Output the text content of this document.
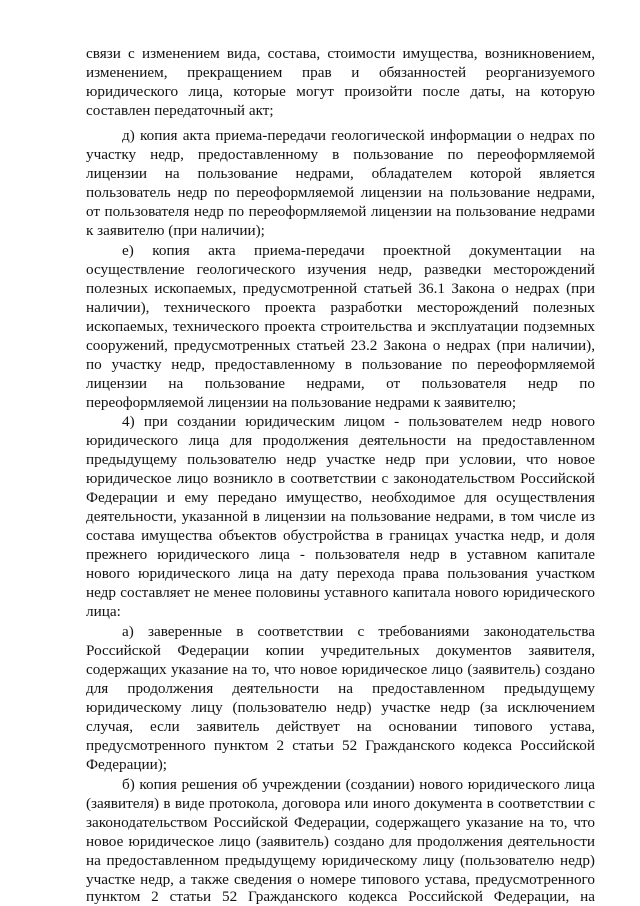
связи с изменением вида, состава, стоимости имущества, возникновением,
изменением, прекращением прав и обязанностей реорганизуемого
юридического лица, которые могут произойти после даты, на которую
составлен передаточный акт;
д) копия акта приема-передачи геологической информации о недрах по
участку недр, предоставленному в пользование по переоформляемой
лицензии на пользование недрами, обладателем которой является
пользователь недр по переоформляемой лицензии на пользование недрами,
от пользователя недр по переоформляемой лицензии на пользование недрами
к заявителю (при наличии);
е) копия акта приема-передачи проектной документации на
осуществление геологического изучения недр, разведки месторождений
полезных ископаемых, предусмотренной статьей 36.1 Закона о недрах (при
наличии), технического проекта разработки месторождений полезных
ископаемых, технического проекта строительства и эксплуатации подземных
сооружений, предусмотренных статьей 23.2 Закона о недрах (при наличии),
по участку недр, предоставленному в пользование по переоформляемой
лицензии на пользование недрами, от пользователя недр по
переоформляемой лицензии на пользование недрами к заявителю;
4) при создании юридическим лицом - пользователем недр нового
юридического лица для продолжения деятельности на предоставленном
предыдущему пользователю недр участке недр при условии, что новое
юридическое лицо возникло в соответствии с законодательством Российской
Федерации и ему передано имущество, необходимое для осуществления
деятельности, указанной в лицензии на пользование недрами, в том числе из
состава имущества объектов обустройства в границах участка недр, и доля
прежнего юридического лица - пользователя недр в уставном капитале
нового юридического лица на дату перехода права пользования участком
недр составляет не менее половины уставного капитала нового юридического
лица:
а) заверенные в соответствии с требованиями законодательства
Российской Федерации копии учредительных документов заявителя,
содержащих указание на то, что новое юридическое лицо (заявитель) создано
для продолжения деятельности на предоставленном предыдущему
юридическому лицу (пользователю недр) участке недр (за исключением
случая, если заявитель действует на основании типового устава,
предусмотренного пунктом 2 статьи 52 Гражданского кодекса Российской
Федерации);
б) копия решения об учреждении (создании) нового юридического лица
(заявителя) в виде протокола, договора или иного документа в соответствии с
законодательством Российской Федерации, содержащего указание на то, что
новое юридическое лицо (заявитель) создано для продолжения деятельности
на предоставленном предыдущему юридическому лицу (пользователю недр)
участке недр, а также сведения о номере типового устава, предусмотренного
пунктом 2 статьи 52 Гражданского кодекса Российской Федерации, на
